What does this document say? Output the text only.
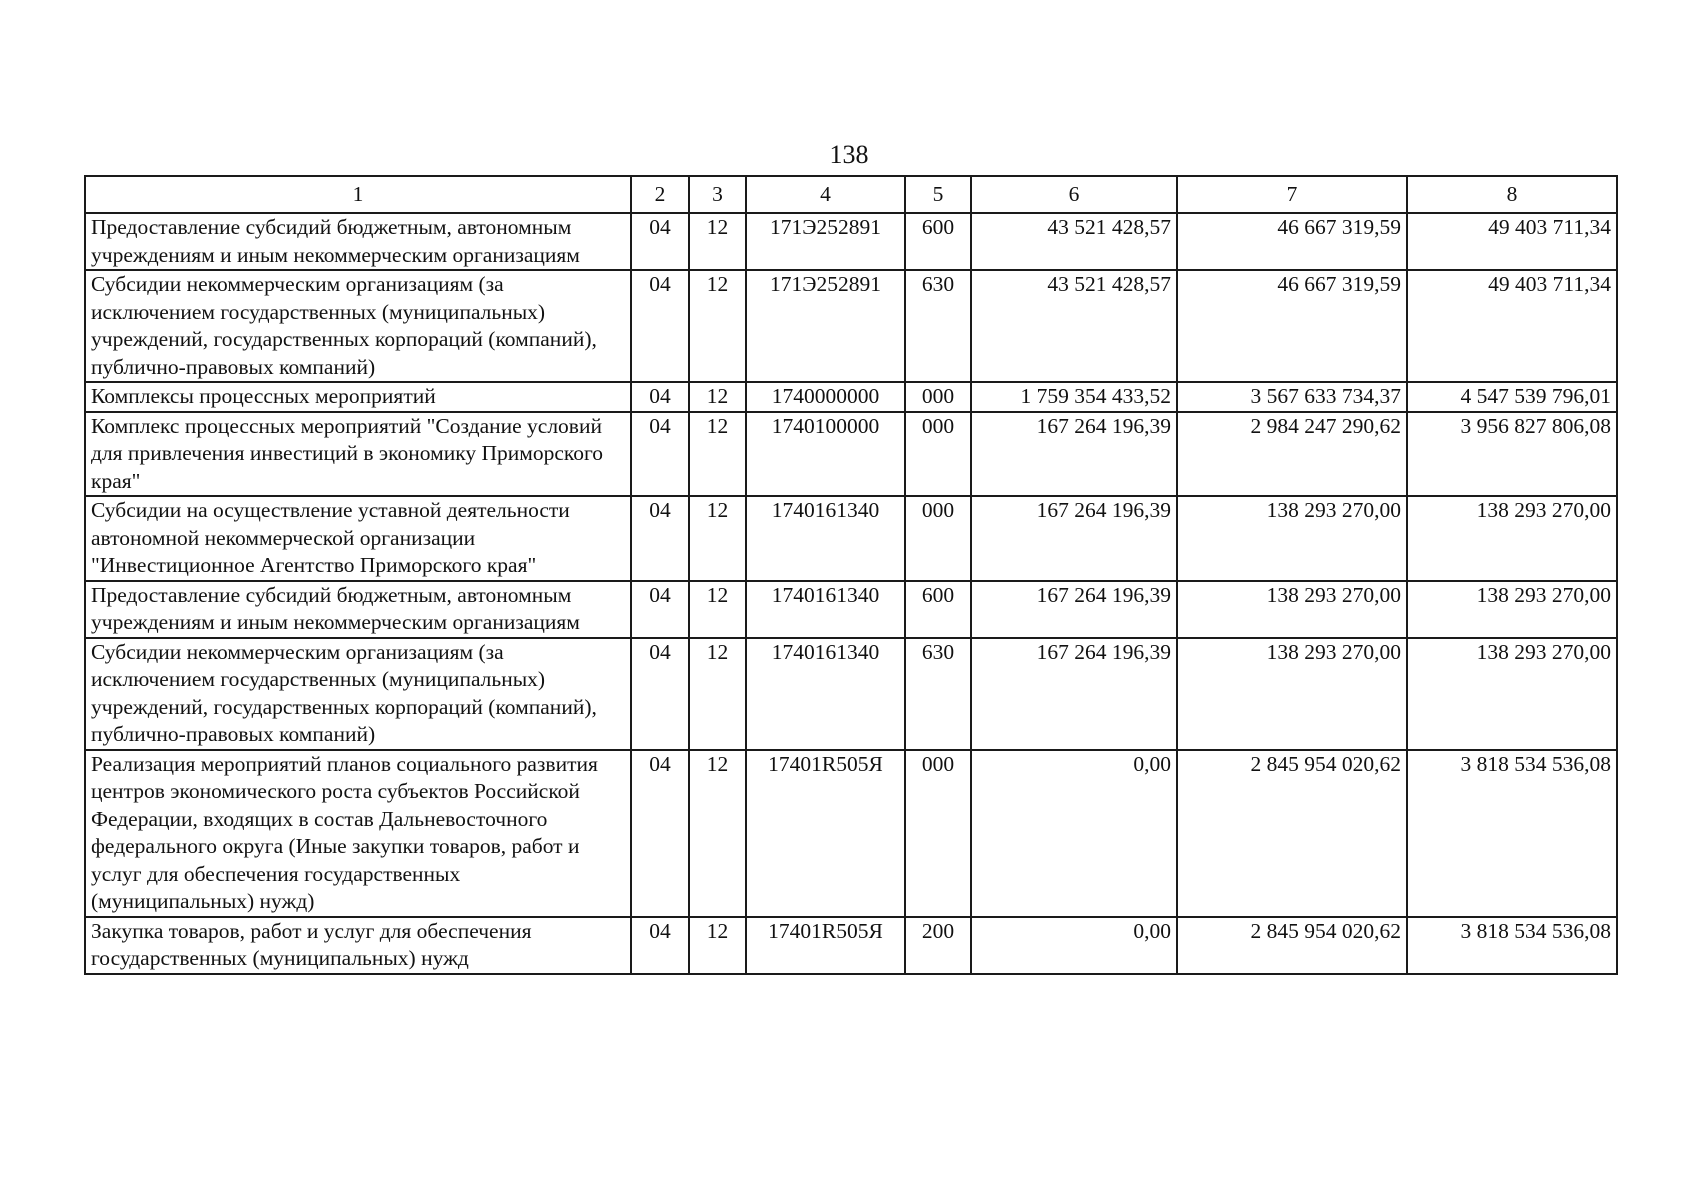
138
1	2	3	4	5	6	7	8
Предоставление субсидий бюджетным, автономным учреждениям и иным некоммерческим организациям	04	12	171Э252891	600	43 521 428,57	46 667 319,59	49 403 711,34
Субсидии некоммерческим организациям (за исключением государственных (муниципальных) учреждений, государственных корпораций (компаний), публично-правовых компаний)	04	12	171Э252891	630	43 521 428,57	46 667 319,59	49 403 711,34
Комплексы процессных мероприятий	04	12	1740000000	000	1 759 354 433,52	3 567 633 734,37	4 547 539 796,01
Комплекс процессных мероприятий "Создание условий для привлечения инвестиций в экономику Приморского края"	04	12	1740100000	000	167 264 196,39	2 984 247 290,62	3 956 827 806,08
Субсидии на осуществление уставной деятельности автономной некоммерческой организации "Инвестиционное Агентство Приморского края"	04	12	1740161340	000	167 264 196,39	138 293 270,00	138 293 270,00
Предоставление субсидий бюджетным, автономным учреждениям и иным некоммерческим организациям	04	12	1740161340	600	167 264 196,39	138 293 270,00	138 293 270,00
Субсидии некоммерческим организациям (за исключением государственных (муниципальных) учреждений, государственных корпораций (компаний), публично-правовых компаний)	04	12	1740161340	630	167 264 196,39	138 293 270,00	138 293 270,00
Реализация мероприятий планов социального развития центров экономического роста субъектов Российской Федерации, входящих в состав Дальневосточного федерального округа (Иные закупки товаров, работ и услуг для обеспечения государственных (муниципальных) нужд)	04	12	17401R505Я	000	0,00	2 845 954 020,62	3 818 534 536,08
Закупка товаров, работ и услуг для обеспечения государственных (муниципальных) нужд	04	12	17401R505Я	200	0,00	2 845 954 020,62	3 818 534 536,08
